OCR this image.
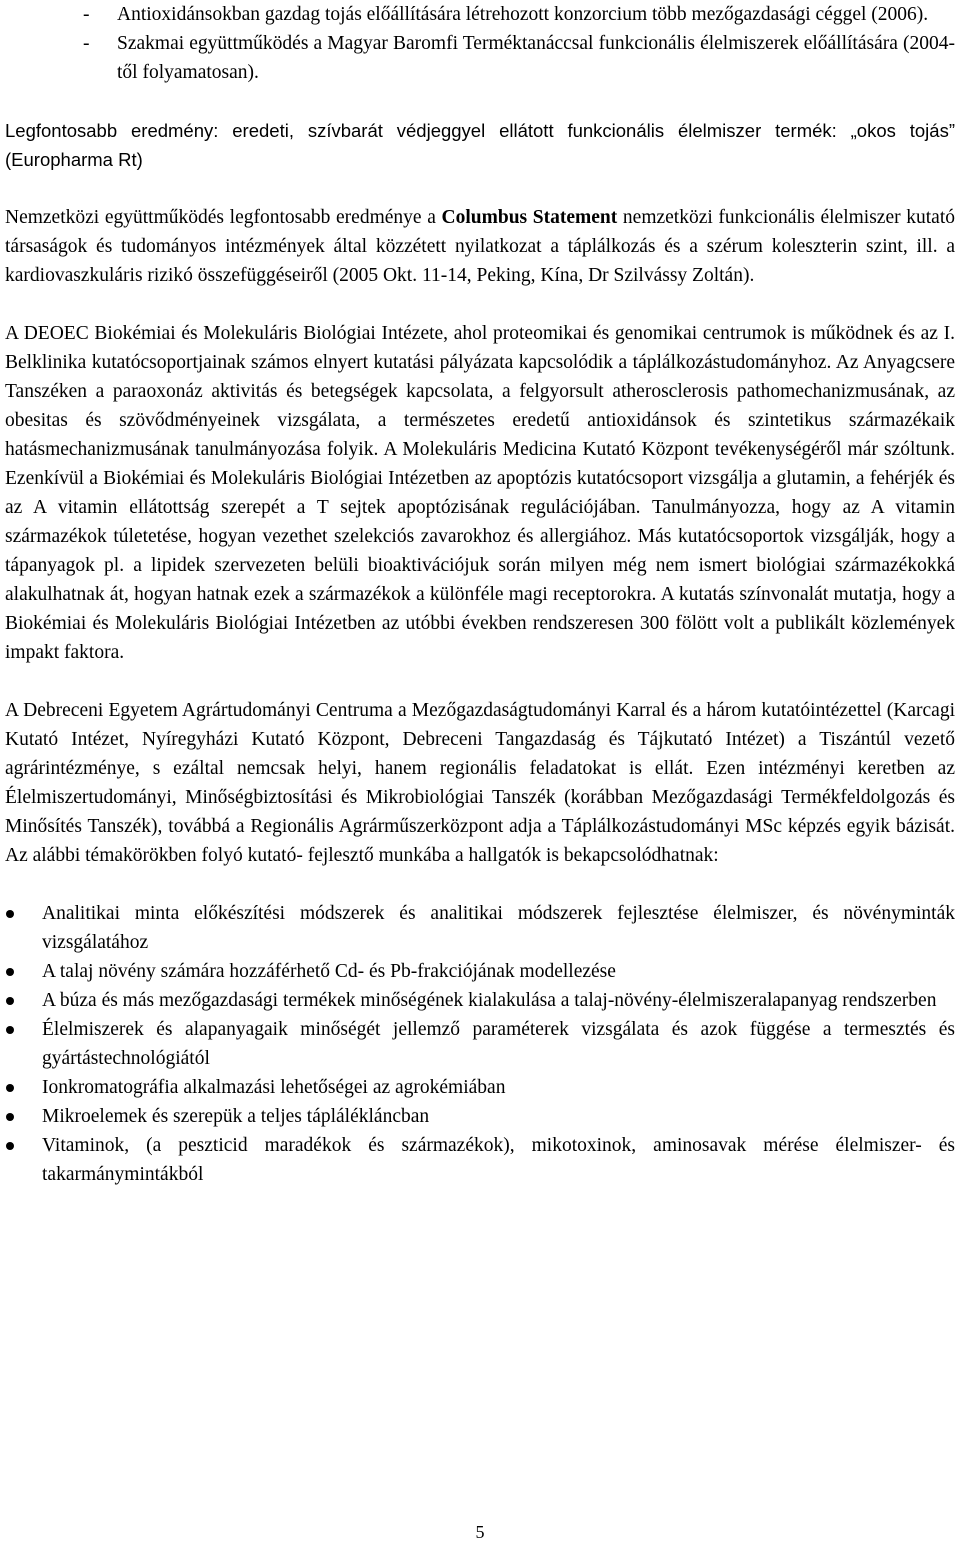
- Antioxidánsokban gazdag tojás előállítására létrehozott konzorcium több mezőgazdasági céggel (2006).
- Szakmai együttműködés a Magyar Baromfi Terméktanáccsal funkcionális élelmiszerek előállítására (2004-től folyamatosan).

Legfontosabb eredmény: eredeti, szívbarát védjeggyel ellátott funkcionális élelmiszer termék: „okos tojás” (Europharma Rt)

Nemzetközi együttműködés legfontosabb eredménye a Columbus Statement nemzetközi funkcionális élelmiszer kutató társaságok és tudományos intézmények által közzétett nyilatkozat a táplálkozás és a szérum koleszterin szint, ill. a kardiovaszkuláris rizikó összefüggéseiről (2005 Okt. 11-14, Peking, Kína, Dr Szilvássy Zoltán).

A DEOEC Biokémiai és Molekuláris Biológiai Intézete, ahol proteomikai és genomikai centrumok is működnek és az I. Belklinika kutatócsoportjainak számos elnyert kutatási pályázata kapcsolódik a táplálkozástudományhoz. Az Anyagcsere Tanszéken a paraoxonáz aktivitás és betegségek kapcsolata, a felgyorsult atherosclerosis pathomechanizmusának, az obesitas és szövődményeinek vizsgálata, a természetes eredetű antioxidánsok és szintetikus származékaik hatásmechanizmusának tanulmányozása folyik. A Molekuláris Medicina Kutató Központ tevékenységéről már szóltunk. Ezenkívül a Biokémiai és Molekuláris Biológiai Intézetben az apoptózis kutatócsoport vizsgálja a glutamin, a fehérjék és az A vitamin ellátottság szerepét a T sejtek apoptózisának regulációjában. Tanulmányozza, hogy az A vitamin származékok túletetése, hogyan vezethet szelekciós zavarokhoz és allergiához. Más kutatócsoportok vizsgálják, hogy a tápanyagok pl. a lipidek szervezeten belüli bioaktivációjuk során milyen még nem ismert biológiai származékokká alakulhatnak át, hogyan hatnak ezek a származékok a különféle magi receptorokra. A kutatás színvonalát mutatja, hogy a Biokémiai és Molekuláris Biológiai Intézetben az utóbbi években rendszeresen 300 fölött volt a publikált közlemények impakt faktora.

A Debreceni Egyetem Agrártudományi Centruma a Mezőgazdaságtudományi Karral és a három kutatóintézettel (Karcagi Kutató Intézet, Nyíregyházi Kutató Központ, Debreceni Tangazdaság és Tájkutató Intézet) a Tiszántúl vezető agrárintézménye, s ezáltal nemcsak helyi, hanem regionális feladatokat is ellát. Ezen intézményi keretben az Élelmiszertudományi, Minőségbiztosítási és Mikrobiológiai Tanszék (korábban Mezőgazdasági Termékfeldolgozás és Minősítés Tanszék), továbbá a Regionális Agrárműszerközpont adja a Táplálkozástudományi MSc képzés egyik bázisát. Az alábbi témakörökben folyó kutató- fejlesztő munkába a hallgatók is bekapcsolódhatnak:

Analitikai minta előkészítési módszerek és analitikai módszerek fejlesztése élelmiszer, és növényminták vizsgálatához
A talaj növény számára hozzáférhető Cd- és Pb-frakciójának modellezése
A búza és más mezőgazdasági termékek minőségének kialakulása a talaj-növény-élelmiszeralapanyag rendszerben
Élelmiszerek és alapanyagaik minőségét jellemző paraméterek vizsgálata és azok függése a termesztés és gyártástechnológiától
Ionkromatográfia alkalmazási lehetőségei az agrokémiában
Mikroelemek és szerepük a teljes táplálékláncban
Vitaminok, (a peszticid maradékok és származékok), mikotoxinok, aminosavak mérése élelmiszer- és takarmánymintákból
5
